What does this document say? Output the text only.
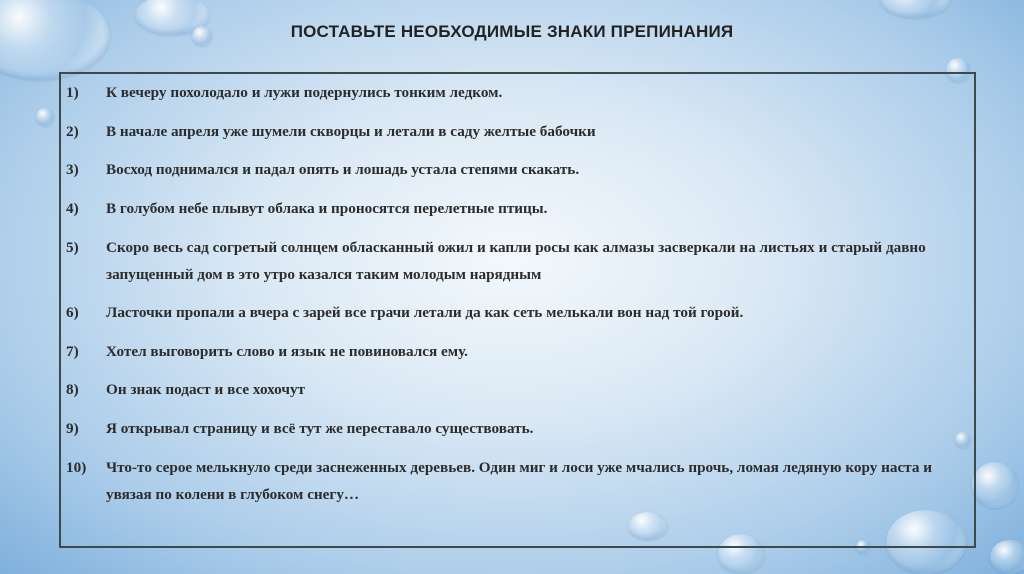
ПОСТАВЬТЕ НЕОБХОДИМЫЕ ЗНАКИ ПРЕПИНАНИЯ
1) К вечеру похолодало и лужи подернулись тонким ледком.
2) В начале апреля уже шумели скворцы и летали в саду желтые бабочки
3) Восход поднимался и падал опять и лошадь устала степями скакать.
4) В голубом небе плывут облака и проносятся перелетные птицы.
5) Скоро весь сад согретый солнцем обласканный ожил и капли росы как алмазы засверкали на листьях и старый давно запущенный дом в это утро казался таким молодым нарядным
6) Ласточки пропали а вчера с зарей все грачи летали да как сеть мелькали вон над той горой.
7) Хотел выговорить слово и язык не повиновался ему.
8) Он знак подаст и все хохочут
9) Я открывал страницу и всё тут же переставало существовать.
10) Что-то серое мелькнуло среди заснеженных деревьев. Один миг и лоси уже мчались прочь, ломая ледяную кору наста и увязая по колени в глубоком снегу…
